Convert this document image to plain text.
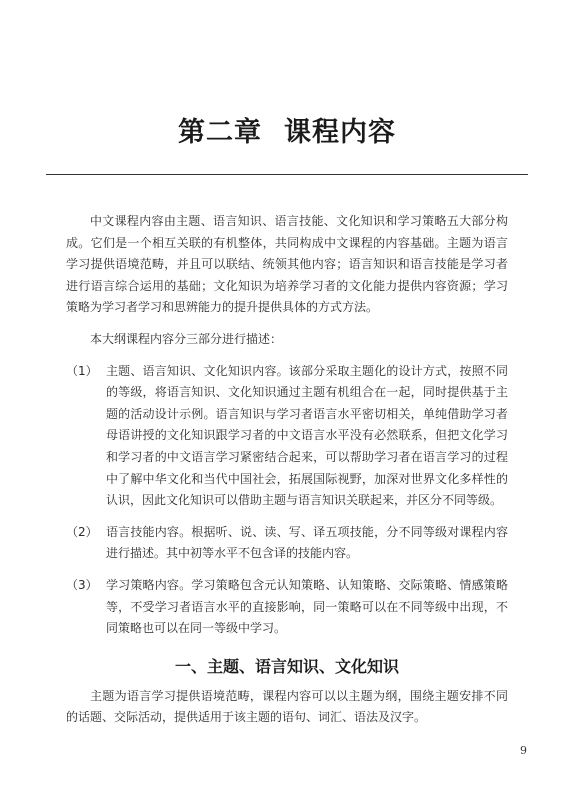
第二章 课程内容

中文课程内容由主题、语言知识、语言技能、文化知识和学习策略五大部分构成。它们是一个相互关联的有机整体，共同构成中文课程的内容基础。主题为语言学习提供语境范畴，并且可以联结、统领其他内容；语言知识和语言技能是学习者进行语言综合运用的基础；文化知识为培养学习者的文化能力提供内容资源；学习策略为学习者学习和思辨能力的提升提供具体的方式方法。

本大纲课程内容分三部分进行描述：

（1） 主题、语言知识、文化知识内容。该部分采取主题化的设计方式，按照不同的等级，将语言知识、文化知识通过主题有机组合在一起，同时提供基于主题的活动设计示例。语言知识与学习者语言水平密切相关，单纯借助学习者母语讲授的文化知识跟学习者的中文语言水平没有必然联系，但把文化学习和学习者的中文语言学习紧密结合起来，可以帮助学习者在语言学习的过程中了解中华文化和当代中国社会，拓展国际视野，加深对世界文化多样性的认识，因此文化知识可以借助主题与语言知识关联起来，并区分不同等级。
（2） 语言技能内容。根据听、说、读、写、译五项技能，分不同等级对课程内容进行描述。其中初等水平不包含译的技能内容。
（3） 学习策略内容。学习策略包含元认知策略、认知策略、交际策略、情感策略等，不受学习者语言水平的直接影响，同一策略可以在不同等级中出现，不同策略也可以在同一等级中学习。
一、主题、语言知识、文化知识

主题为语言学习提供语境范畴，课程内容可以以主题为纲，围绕主题安排不同的话题、交际活动，提供适用于该主题的语句、词汇、语法及汉字。

9
